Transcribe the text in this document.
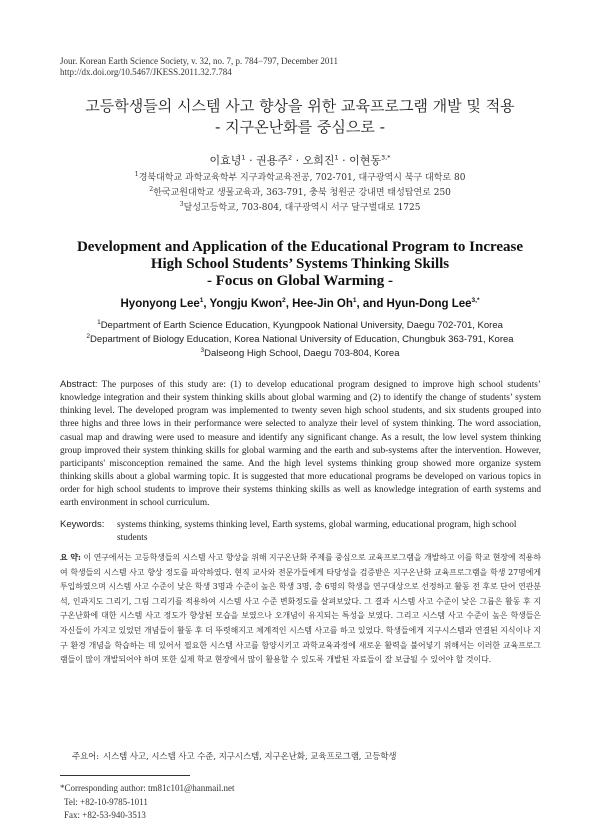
Jour. Korean Earth Science Society, v. 32, no. 7, p. 784−797, December 2011
http://dx.doi.org/10.5467/JKESS.2011.32.7.784
고등학생들의 시스템 사고 향상을 위한 교육프로그램 개발 및 적용
- 지구온난화를 중심으로 -
이효녕$^1$ · 권용주$^2$ · 오희진$^1$ · 이현동$^{3,*}$
$^1$경북대학교 과학교육학부 지구과학교육전공, 702-701, 대구광역시 북구 대학로 80
$^2$한국교원대학교 생물교육과, 363-791, 충북 청원군 강내면 태성탑연로 250
$^3$달성고등학교, 703-804, 대구광역시 서구 달구벌대로 1725
Development and Application of the Educational Program to Increase
High School Students’ Systems Thinking Skills
- Focus on Global Warming -
Hyonyong Lee$^1$, Yongju Kwon$^2$, Hee-Jin Oh$^1$, and Hyun-Dong Lee$^{3,*}$
$^1$Department of Earth Science Education, Kyungpook National University, Daegu 702-701, Korea
$^2$Department of Biology Education, Korea National University of Education, Chungbuk 363-791, Korea
$^3$Dalseong High School, Daegu 703-804, Korea
Abstract: The purposes of this study are: (1) to develop educational program designed to improve high school students’ knowledge integration and their system thinking skills about global warming and (2) to identify the change of students’ system thinking level. The developed program was implemented to twenty seven high school students, and six students grouped into three highs and three lows in their performance were selected to analyze their level of system thinking. The word association, casual map and drawing were used to measure and identify any significant change. As a result, the low level system thinking group improved their system thinking skills for global warming and the earth and sub-systems after the intervention. However, participants' misconception remained the same. And the high level systems thinking group showed more organize system thinking skills about a global warming topic. It is suggested that more educational programs be developed on various topics in order for high school students to improve their systems thinking skills as well as knowledge integration of earth systems and earth environment in school curriculum.
Keywords: systems thinking, systems thinking level, Earth systems, global warming, educational program, high school students
요 약: 이 연구에서는 고등학생들의 시스템 사고 향상을 위해 지구온난화 주제를 중심으로 교육프로그램을 개발하고 이를 학교 현장에 적용하여 학생들의 시스템 사고 향상 정도를 파악하였다. 현직 교사와 전문가들에게 타당성을 검증받은 지구온난화 교육프로그램을 학생 27명에게 투입하였으며 시스템 사고 수준이 낮은 학생 3명과 수준이 높은 학생 3명, 총 6명의 학생을 연구대상으로 선정하고 활동 전 후로 단어 연관분석, 인과지도 그리기, 그림 그리기를 적용하여 시스템 사고 수준 변화정도를 살펴보았다. 그 결과 시스템 사고 수준이 낮은 그룹은 활동 후 지구온난화에 대한 시스템 사고 정도가 향상된 모습을 보였으나 오개념이 유지되는 특성을 보였다. 그리고 시스템 사고 수준이 높은 학생들은 자신들이 가지고 있었던 개념들이 활동 후 더 뚜렷해지고 체계적인 시스템 사고를 하고 있었다. 학생들에게 지구시스템과 연결된 지식이나 지구 환경 개념을 학습하는 데 있어서 필요한 시스템 사고를 함양시키고 과학교육과정에 새로운 활력을 불어넣기 위해서는 이러한 교육프로그램들이 많이 개발되어야 하며 또한 실제 학교 현장에서 많이 활용할 수 있도록 개발된 자료들이 잘 보급될 수 있어야 할 것이다.
주요어: 시스템 사고, 시스템 사고 수준, 지구시스템, 지구온난화, 교육프로그램, 고등학생
*Corresponding author: tm81c101@hanmail.net
Tel: +82-10-9785-1011
Fax: +82-53-940-3513
